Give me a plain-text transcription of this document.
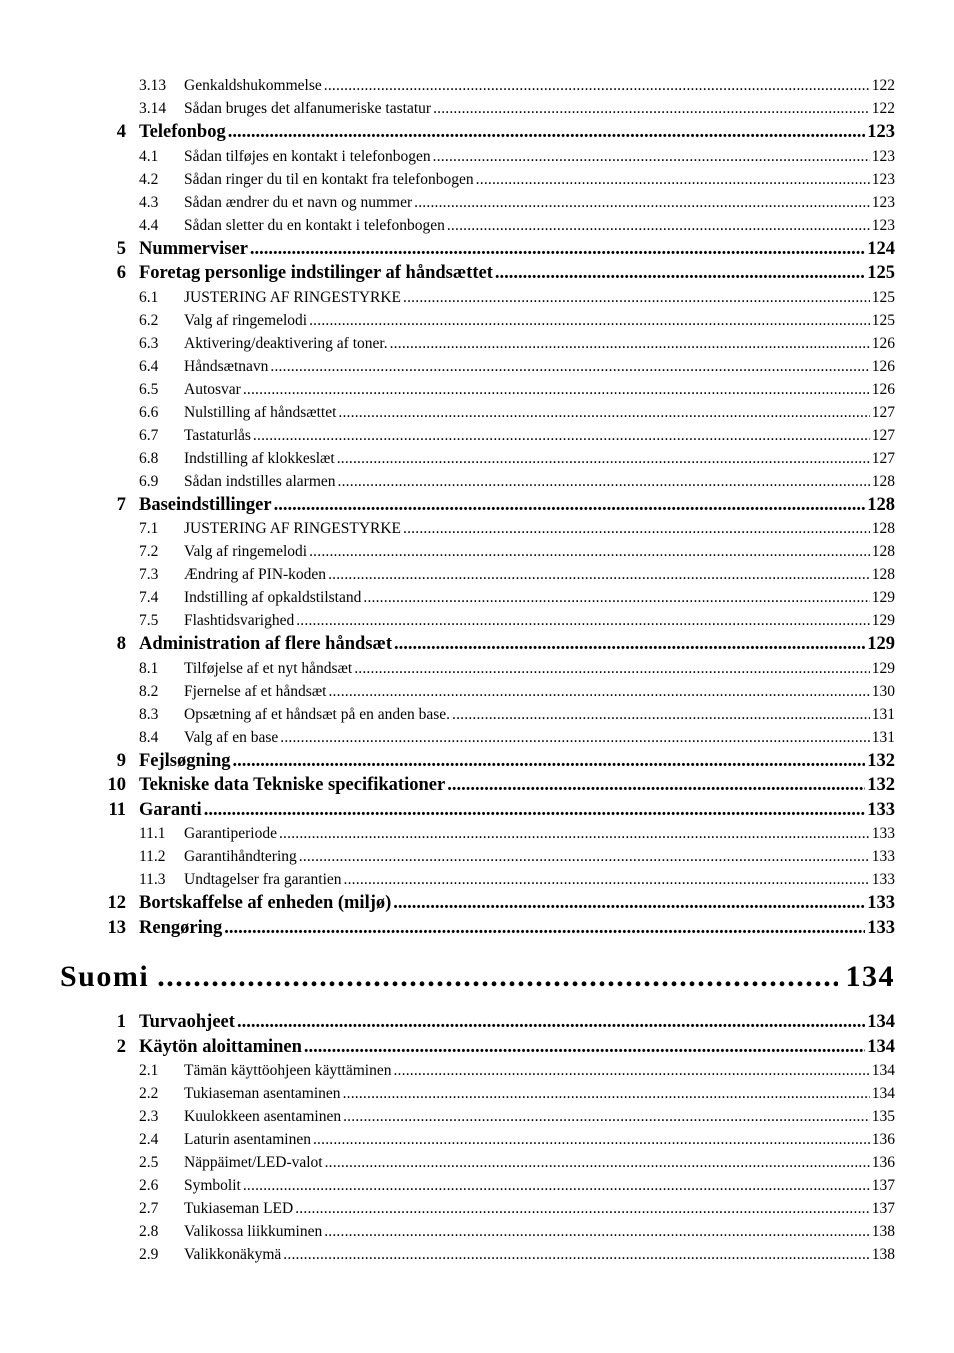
3.13 Genkaldshukommelse .....	122
3.14 Sådan bruges det alfanumeriske tastatur .....	122
4 Telefonbog .....	123
4.1 Sådan tilføjes en kontakt i telefonbogen .....	123
4.2 Sådan ringer du til en kontakt fra telefonbogen .....	123
4.3 Sådan ændrer du et navn og nummer .....	123
4.4 Sådan sletter du en kontakt i telefonbogen .....	123
5 Nummerviser .....	124
6 Foretag personlige indstilinger af håndsættet .....	125
6.1 JUSTERING AF RINGESTYRKE .....	125
6.2 Valg af ringemelodi .....	125
6.3 Aktivering/deaktivering af toner. .....	126
6.4 Håndsætnavn .....	126
6.5 Autosvar .....	126
6.6 Nulstilling af håndsættet .....	127
6.7 Tastaturlås .....	127
6.8 Indstilling af klokkeslæt .....	127
6.9 Sådan indstilles alarmen .....	128
7 Baseindstillinger .....	128
7.1 JUSTERING AF RINGESTYRKE .....	128
7.2 Valg af ringemelodi .....	128
7.3 Ændring af PIN-koden .....	128
7.4 Indstilling af opkaldstilstand .....	129
7.5 Flashtidsvarighed .....	129
8 Administration af flere håndsæt .....	129
8.1 Tilføjelse af et nyt håndsæt .....	129
8.2 Fjernelse af et håndsæt .....	130
8.3 Opsætning af et håndsæt på en anden base. .....	131
8.4 Valg af en base .....	131
9 Fejlsøgning .....	132
10 Tekniske data Tekniske specifikationer .....	132
11 Garanti .....	133
11.1 Garantiperiode .....	133
11.2 Garantihåndtering .....	133
11.3 Undtagelser fra garantien .....	133
12 Bortskaffelse af enheden (miljø) .....	133
13 Rengøring .....	133
Suomi .....	134
1 Turvaohjeet .....	134
2 Käytön aloittaminen .....	134
2.1 Tämän käyttöohjeen käyttäminen .....	134
2.2 Tukiaseman asentaminen .....	134
2.3 Kuulokkeen asentaminen .....	135
2.4 Laturin asentaminen .....	136
2.5 Näppäimet/LED-valot .....	136
2.6 Symbolit .....	137
2.7 Tukiaseman LED .....	137
2.8 Valikossa liikkuminen .....	138
2.9 Valikkonäkymä .....	138
